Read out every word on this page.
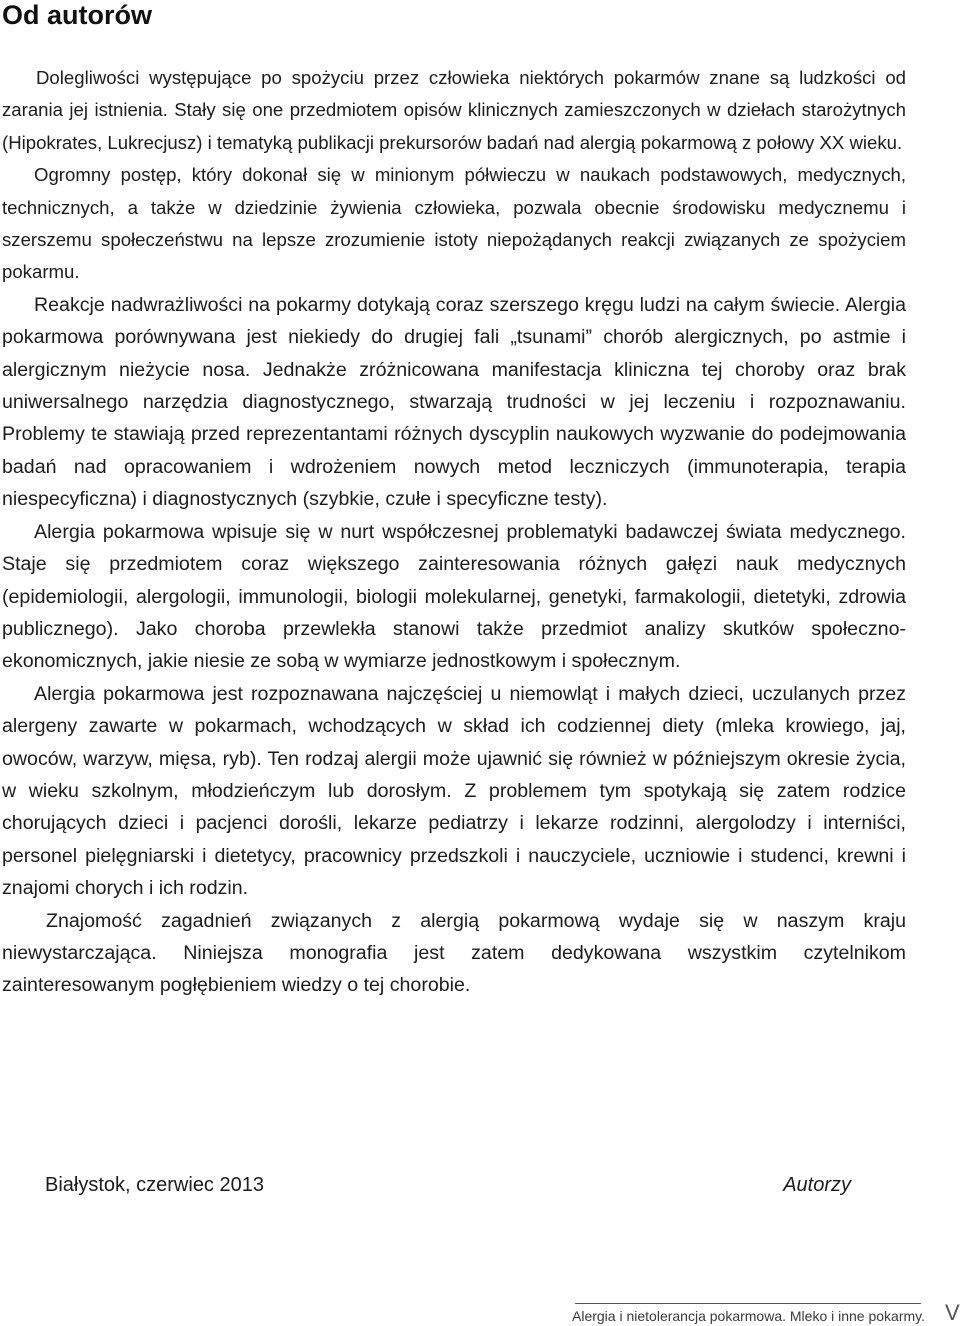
Od autorów

Dolegliwości występujące po spożyciu przez człowieka niektórych pokarmów znane są ludzkości od zarania jej istnienia. Stały się one przedmiotem opisów klinicznych zamieszczonych w dziełach starożytnych (Hipokrates, Lukrecjusz) i tematyką publikacji prekursorów badań nad alergią pokarmową z połowy XX wieku.

Ogromny postęp, który dokonał się w minionym półwieczu w naukach podstawowych, medycznych, technicznych, a także w dziedzinie żywienia człowieka, pozwala obecnie środowisku medycznemu i szerszemu społeczeństwu na lepsze zrozumienie istoty niepożądanych reakcji związanych ze spożyciem pokarmu.

Reakcje nadwrażliwości na pokarmy dotykają coraz szerszego kręgu ludzi na całym świecie. Alergia pokarmowa porównywana jest niekiedy do drugiej fali „tsunami” chorób alergicznych, po astmie i alergicznym nieżycie nosa. Jednakże zróżnicowana manifestacja kliniczna tej choroby oraz brak uniwersalnego narzędzia diagnostycznego, stwarzają trudności w jej leczeniu i rozpoznawaniu. Problemy te stawiają przed reprezentantami różnych dyscyplin naukowych wyzwanie do podejmowania badań nad opracowaniem i wdrożeniem nowych metod leczniczych (immunoterapia, terapia niespecyficzna) i diagnostycznych (szybkie, czułe i specyficzne testy).

Alergia pokarmowa wpisuje się w nurt współczesnej problematyki badawczej świata medycznego. Staje się przedmiotem coraz większego zainteresowania różnych gałęzi nauk medycznych (epidemiologii, alergologii, immunologii, biologii molekularnej, genetyki, farmakologii, dietetyki, zdrowia publicznego). Jako choroba przewlekła stanowi także przedmiot analizy skutków społeczno-ekonomicznych, jakie niesie ze sobą w wymiarze jednostkowym i społecznym.

Alergia pokarmowa jest rozpoznawana najczęściej u niemowląt i małych dzieci, uczulanych przez alergeny zawarte w pokarmach, wchodzących w skład ich codziennej diety (mleka krowiego, jaj, owoców, warzyw, mięsa, ryb). Ten rodzaj alergii może ujawnić się również w późniejszym okresie życia, w wieku szkolnym, młodzieńczym lub dorosłym. Z problemem tym spotykają się zatem rodzice chorujących dzieci i pacjenci dorośli, lekarze pediatrzy i lekarze rodzinni, alergolodzy i interniści, personel pielęgniarski i dietetycy, pracownicy przedszkoli i nauczyciele, uczniowie i studenci, krewni i znajomi chorych i ich rodzin.

Znajomość zagadnień związanych z alergią pokarmową wydaje się w naszym kraju niewystarczająca. Niniejsza monografia jest zatem dedykowana wszystkim czytelnikom zainteresowanym pogłębieniem wiedzy o tej chorobie.

Białystok, czerwiec 2013	Autorzy
Alergia i nietolerancja pokarmowa. Mleko i inne pokarmy. V
